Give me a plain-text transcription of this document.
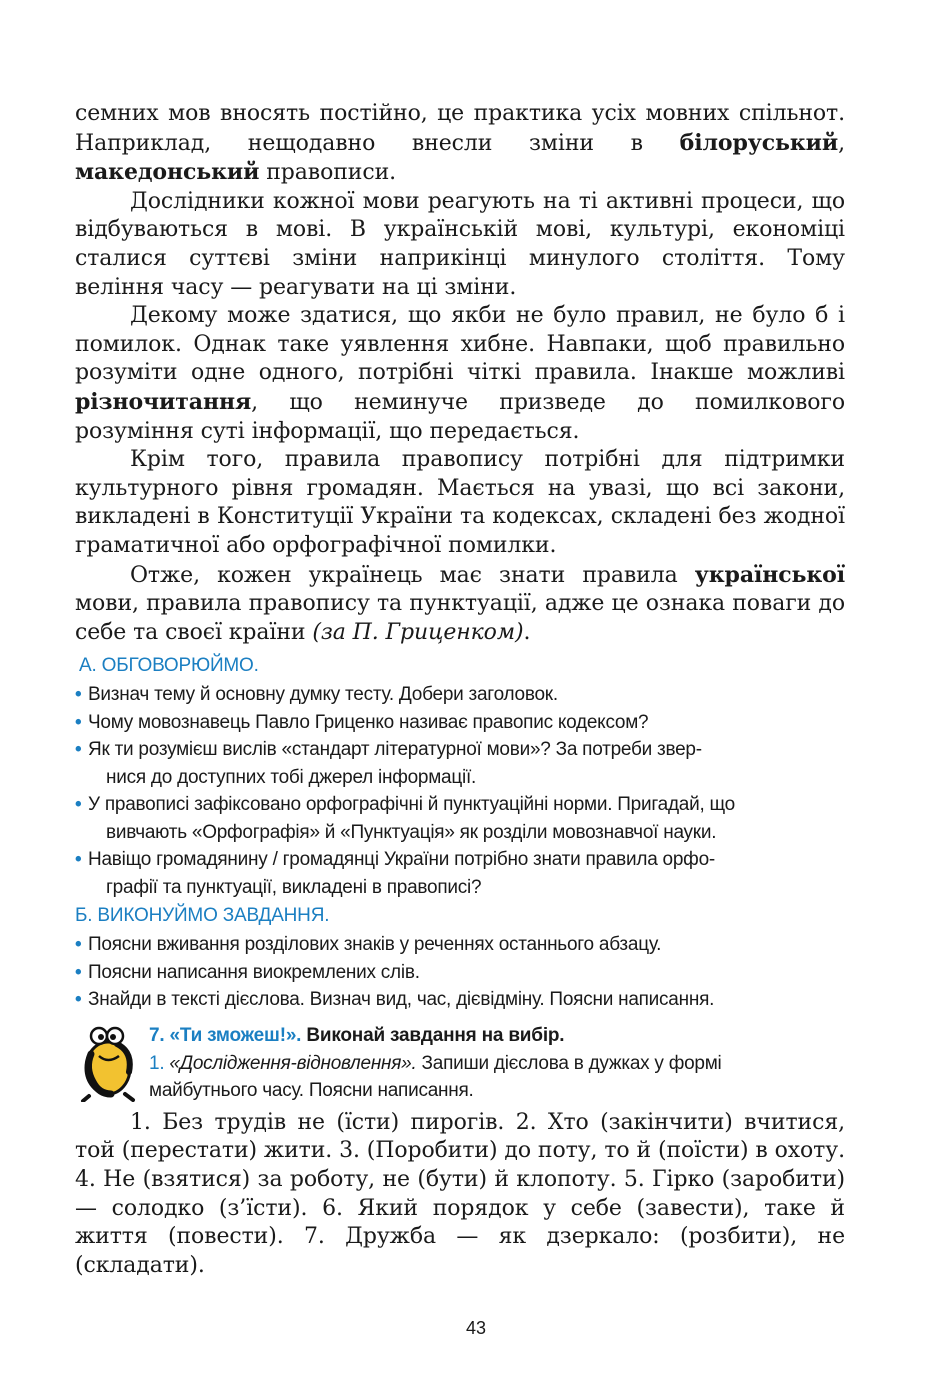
семних мов вносять постійно, це практика усіх мовних спільнот. Наприклад, нещодавно внесли зміни в білоруський, македонський правописи.

Дослідники кожної мови реагують на ті активні процеси, що відбуваються в мові. В українській мові, культурі, економіці сталися суттєві зміни наприкінці минулого століття. Тому веління часу — реагувати на ці зміни.

Декому може здатися, що якби не було правил, не було б і помилок. Однак таке уявлення хибне. Навпаки, щоб правильно розуміти одне одного, потрібні чіткі правила. Інакше можливі різночитання, що неминуче призведе до помилкового розуміння суті інформації, що передається.

Крім того, правила правопису потрібні для підтримки культурного рівня громадян. Мається на увазі, що всі закони, викладені в Конституції України та кодексах, складені без жодної граматичної або орфографічної помилки.

Отже, кожен українець має знати правила української мови, правила правопису та пунктуації, адже це ознака поваги до себе та своєї країни (за П. Гриценком).

А. ОБГОВОРЮЙМО.
• Визнач тему й основну думку тесту. Добери заголовок.
• Чому мовознавець Павло Гриценко називає правопис кодексом?
• Як ти розумієш вислів «стандарт літературної мови»? За потреби звер-
нися до доступних тобі джерел інформації.
• У правописі зафіксовано орфографічні й пунктуаційні норми. Пригадай, що
вивчають «Орфографія» й «Пунктуація» як розділи мовознавчої науки.
• Навіщо громадянину / громадянці України потрібно знати правила орфо-
графії та пунктуації, викладені в правописі?
Б. ВИКОНУЙМО ЗАВДАННЯ.
• Поясни вживання розділових знаків у реченнях останнього абзацу.
• Поясни написання виокремлених слів.
• Знайди в тексті дієслова. Визнач вид, час, дієвідміну. Поясни написання.
7. «Ти зможеш!». Виконай завдання на вибір.
1. «Дослідження-відновлення». Запиши дієслова в дужках у формі
майбутнього часу. Поясни написання.
1. Без трудів не (їсти) пирогів. 2. Хто (закінчити) вчитися, той (перестати) жити. 3. (Поробити) до поту, то й (поїсти) в охоту. 4. Не (взятися) за роботу, не (бути) й клопоту. 5. Гірко (заробити) — солодко (з’їсти). 6. Який порядок у себе (завести), таке й життя (повести). 7. Дружба — як дзеркало: (розбити), не (складати).
43
